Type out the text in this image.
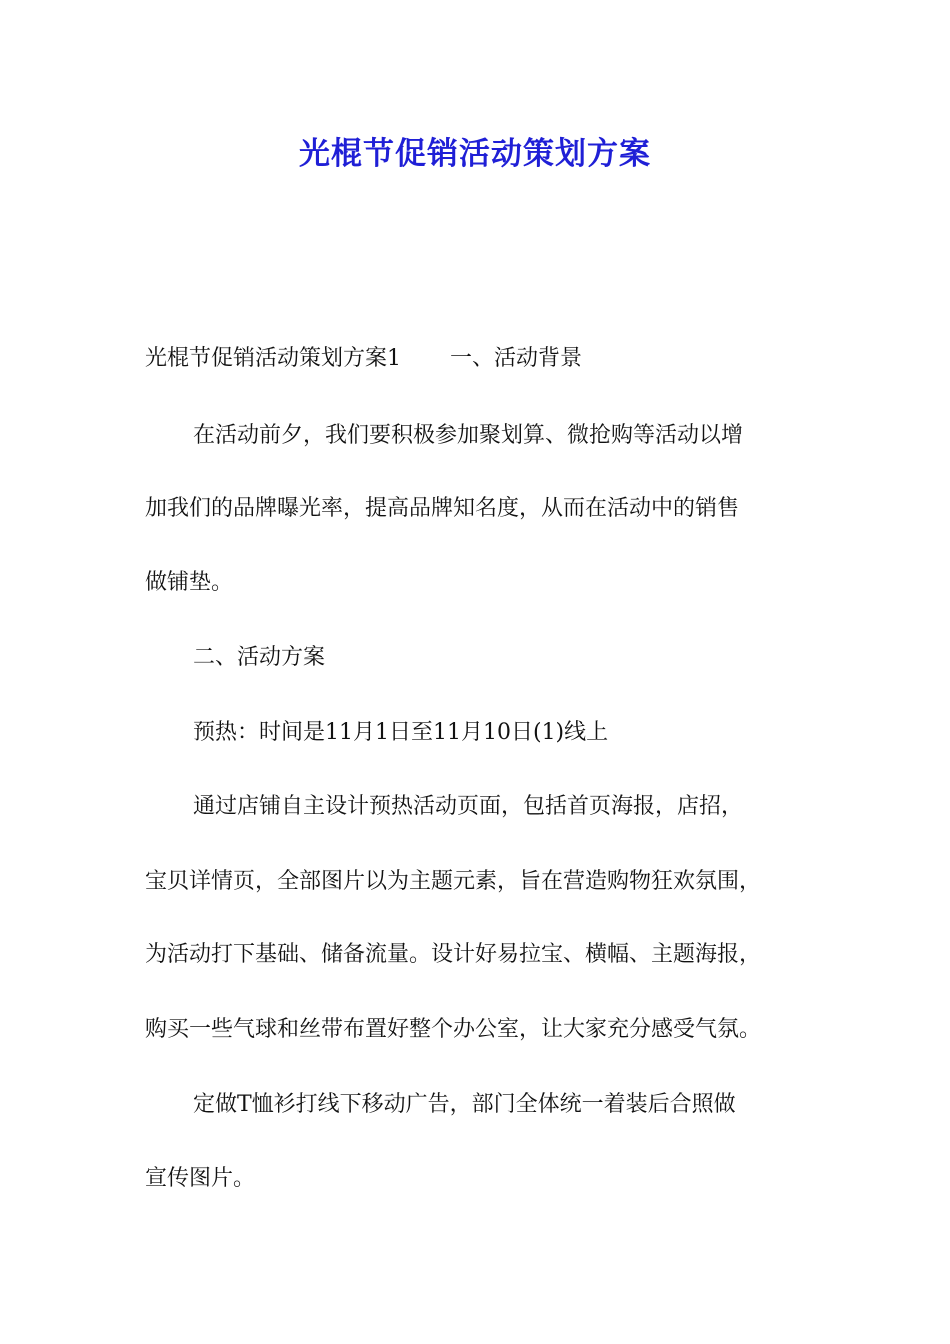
光棍节促销活动策划方案
光棍节促销活动策划方案1 一、活动背景
在活动前夕，我们要积极参加聚划算、微抢购等活动以增
加我们的品牌曝光率，提高品牌知名度，从而在活动中的销售
做铺垫。
二、活动方案
预热：时间是11月1日至11月10日(1)线上
通过店铺自主设计预热活动页面，包括首页海报，店招，
宝贝详情页，全部图片以为主题元素，旨在营造购物狂欢氛围，
为活动打下基础、储备流量。设计好易拉宝、横幅、主题海报，
购买一些气球和丝带布置好整个办公室，让大家充分感受气氛。
定做T恤衫打线下移动广告，部门全体统一着装后合照做
宣传图片。
